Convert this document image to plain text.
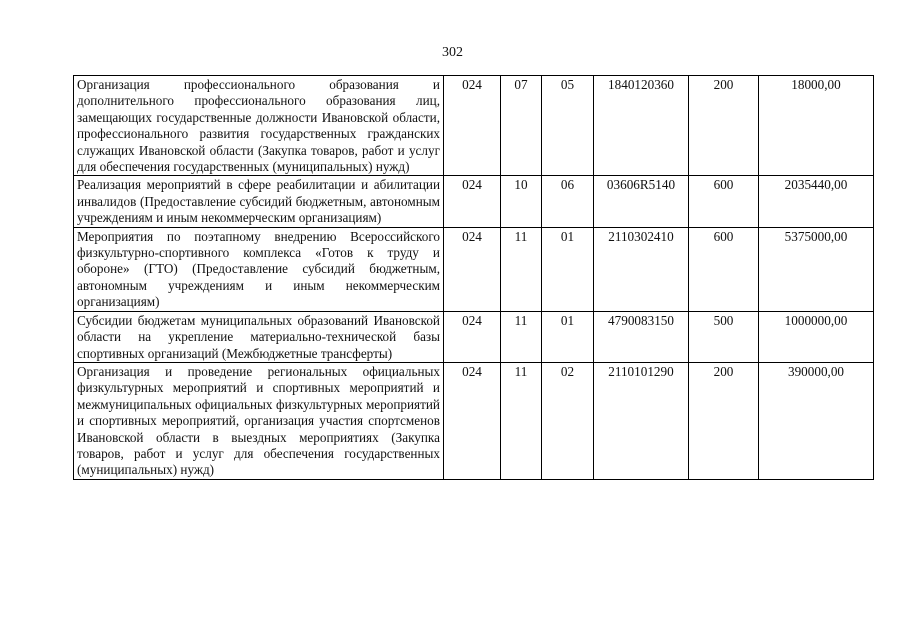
302
Организация профессионального образования и дополнительного профессионального образования лиц, замещающих государственные должности Ивановской области, профессионального развития государственных гражданских служащих Ивановской области (Закупка товаров, работ и услуг для обеспечения государственных (муниципальных) нужд)	024	07	05	1840120360	200	18000,00
Реализация мероприятий в сфере реабилитации и абилитации инвалидов (Предоставление субсидий бюджетным, автономным учреждениям и иным некоммерческим организациям)	024	10	06	03606R5140	600	2035440,00
Мероприятия по поэтапному внедрению Всероссийского физкультурно-спортивного комплекса «Готов к труду и обороне» (ГТО) (Предоставление субсидий бюджетным, автономным учреждениям и иным некоммерческим организациям)	024	11	01	2110302410	600	5375000,00
Субсидии бюджетам муниципальных образований Ивановской области на укрепление материально-технической базы спортивных организаций (Межбюджетные трансферты)	024	11	01	4790083150	500	1000000,00
Организация и проведение региональных официальных физкультурных мероприятий и спортивных мероприятий и межмуниципальных официальных физкультурных мероприятий и спортивных мероприятий, организация участия спортсменов Ивановской области в выездных мероприятиях (Закупка товаров, работ и услуг для обеспечения государственных (муниципальных) нужд)	024	11	02	2110101290	200	390000,00
